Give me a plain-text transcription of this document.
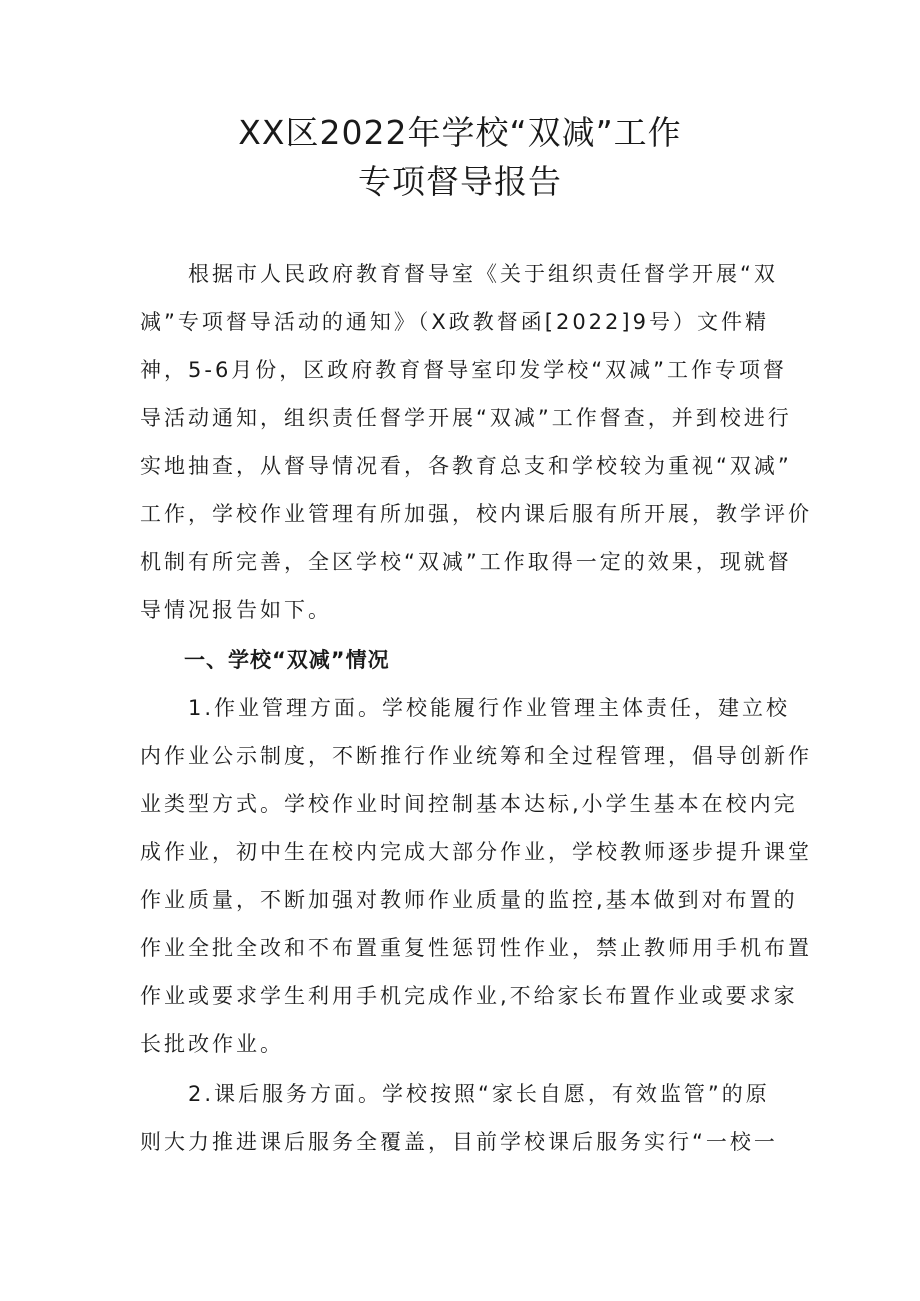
XX区2022年学校“双减”工作
专项督导报告
　　根据市人民政府教育督导室《关于组织责任督学开展“双
减”专项督导活动的通知》（X政教督函[2022]9号）文件精
神，5-6月份，区政府教育督导室印发学校“双减”工作专项督
导活动通知，组织责任督学开展“双减”工作督查，并到校进行
实地抽查，从督导情况看，各教育总支和学校较为重视“双减”
工作，学校作业管理有所加强，校内课后服有所开展，教学评价
机制有所完善，全区学校“双减”工作取得一定的效果，现就督
导情况报告如下。
　　一、学校“双减”情况
　　1.作业管理方面。学校能履行作业管理主体责任，建立校
内作业公示制度，不断推行作业统筹和全过程管理，倡导创新作
业类型方式。学校作业时间控制基本达标,小学生基本在校内完
成作业，初中生在校内完成大部分作业，学校教师逐步提升课堂
作业质量，不断加强对教师作业质量的监控,基本做到对布置的
作业全批全改和不布置重复性惩罚性作业，禁止教师用手机布置
作业或要求学生利用手机完成作业,不给家长布置作业或要求家
长批改作业。
　　2.课后服务方面。学校按照“家长自愿，有效监管”的原
则大力推进课后服务全覆盖，目前学校课后服务实行“一校一
